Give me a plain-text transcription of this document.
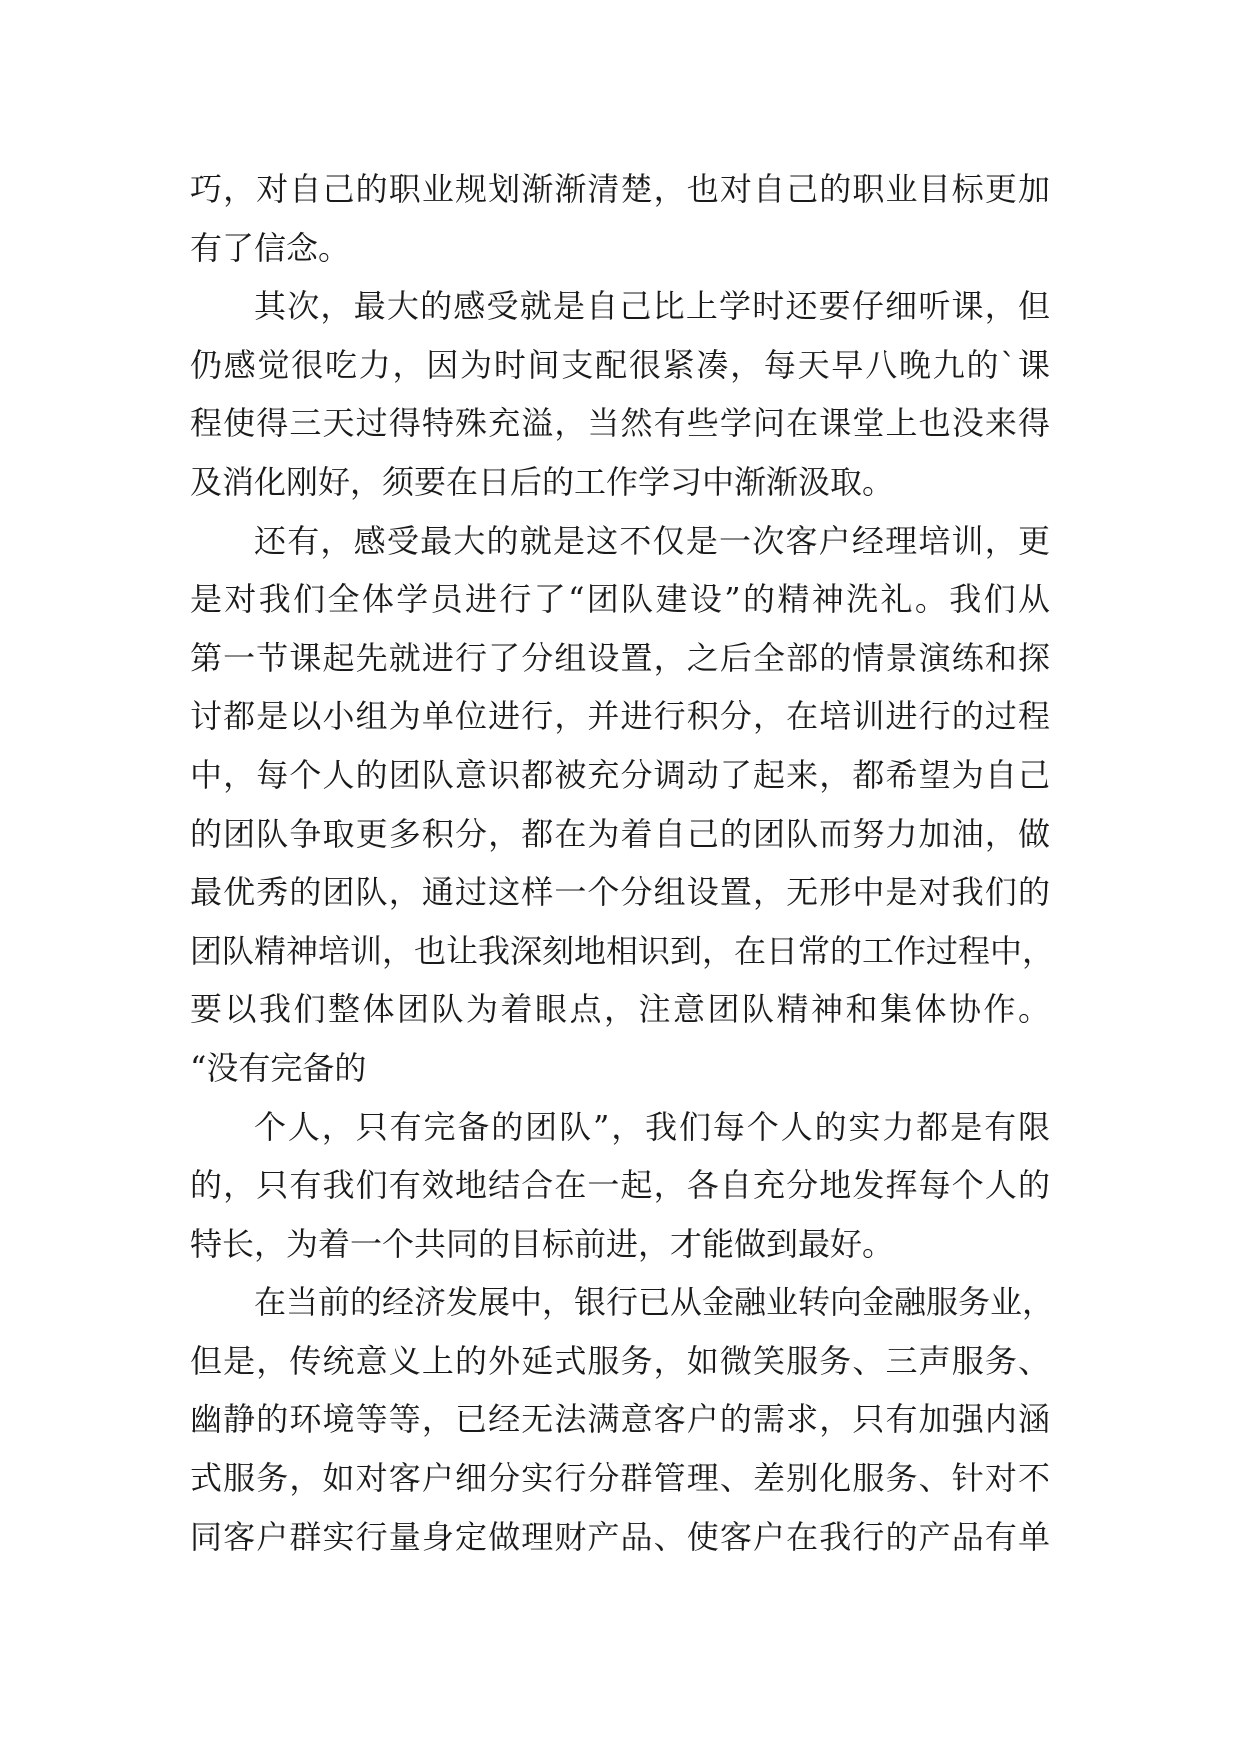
巧，对自己的职业规划渐渐清楚，也对自己的职业目标更加
有了信念。
其次，最大的感受就是自己比上学时还要仔细听课，但
仍感觉很吃力，因为时间支配很紧凑，每天早八晚九的`课
程使得三天过得特殊充溢，当然有些学问在课堂上也没来得
及消化刚好，须要在日后的工作学习中渐渐汲取。
还有，感受最大的就是这不仅是一次客户经理培训，更
是对我们全体学员进行了“团队建设”的精神洗礼。我们从
第一节课起先就进行了分组设置，之后全部的情景演练和探
讨都是以小组为单位进行，并进行积分，在培训进行的过程
中，每个人的团队意识都被充分调动了起来，都希望为自己
的团队争取更多积分，都在为着自己的团队而努力加油，做
最优秀的团队，通过这样一个分组设置，无形中是对我们的
团队精神培训，也让我深刻地相识到，在日常的工作过程中，
要以我们整体团队为着眼点，注意团队精神和集体协作。
“没有完备的
个人，只有完备的团队”，我们每个人的实力都是有限
的，只有我们有效地结合在一起，各自充分地发挥每个人的
特长，为着一个共同的目标前进，才能做到最好。
在当前的经济发展中，银行已从金融业转向金融服务业，
但是，传统意义上的外延式服务，如微笑服务、三声服务、
幽静的环境等等，已经无法满意客户的需求，只有加强内涵
式服务，如对客户细分实行分群管理、差别化服务、针对不
同客户群实行量身定做理财产品、使客户在我行的产品有单
